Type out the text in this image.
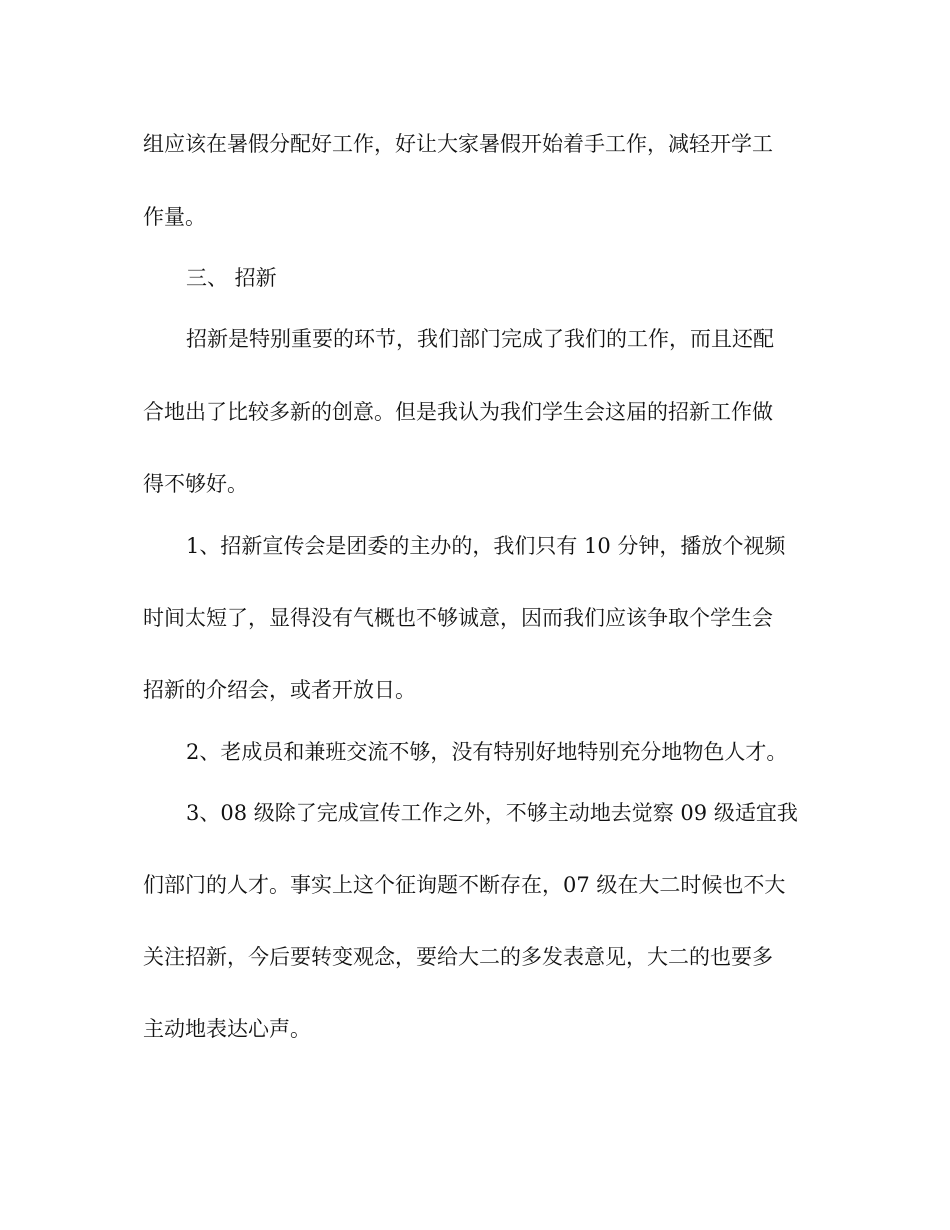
组应该在暑假分配好工作，好让大家暑假开始着手工作，减轻开学工
作量。
三、 招新
招新是特别重要的环节，我们部门完成了我们的工作，而且还配
合地出了比较多新的创意。但是我认为我们学生会这届的招新工作做
得不够好。
1、招新宣传会是团委的主办的，我们只有 10 分钟，播放个视频
时间太短了，显得没有气概也不够诚意，因而我们应该争取个学生会
招新的介绍会，或者开放日。
2、老成员和兼班交流不够，没有特别好地特别充分地物色人才。
3、08 级除了完成宣传工作之外，不够主动地去觉察 09 级适宜我
们部门的人才。事实上这个征询题不断存在，07 级在大二时候也不大
关注招新，今后要转变观念，要给大二的多发表意见，大二的也要多
主动地表达心声。
